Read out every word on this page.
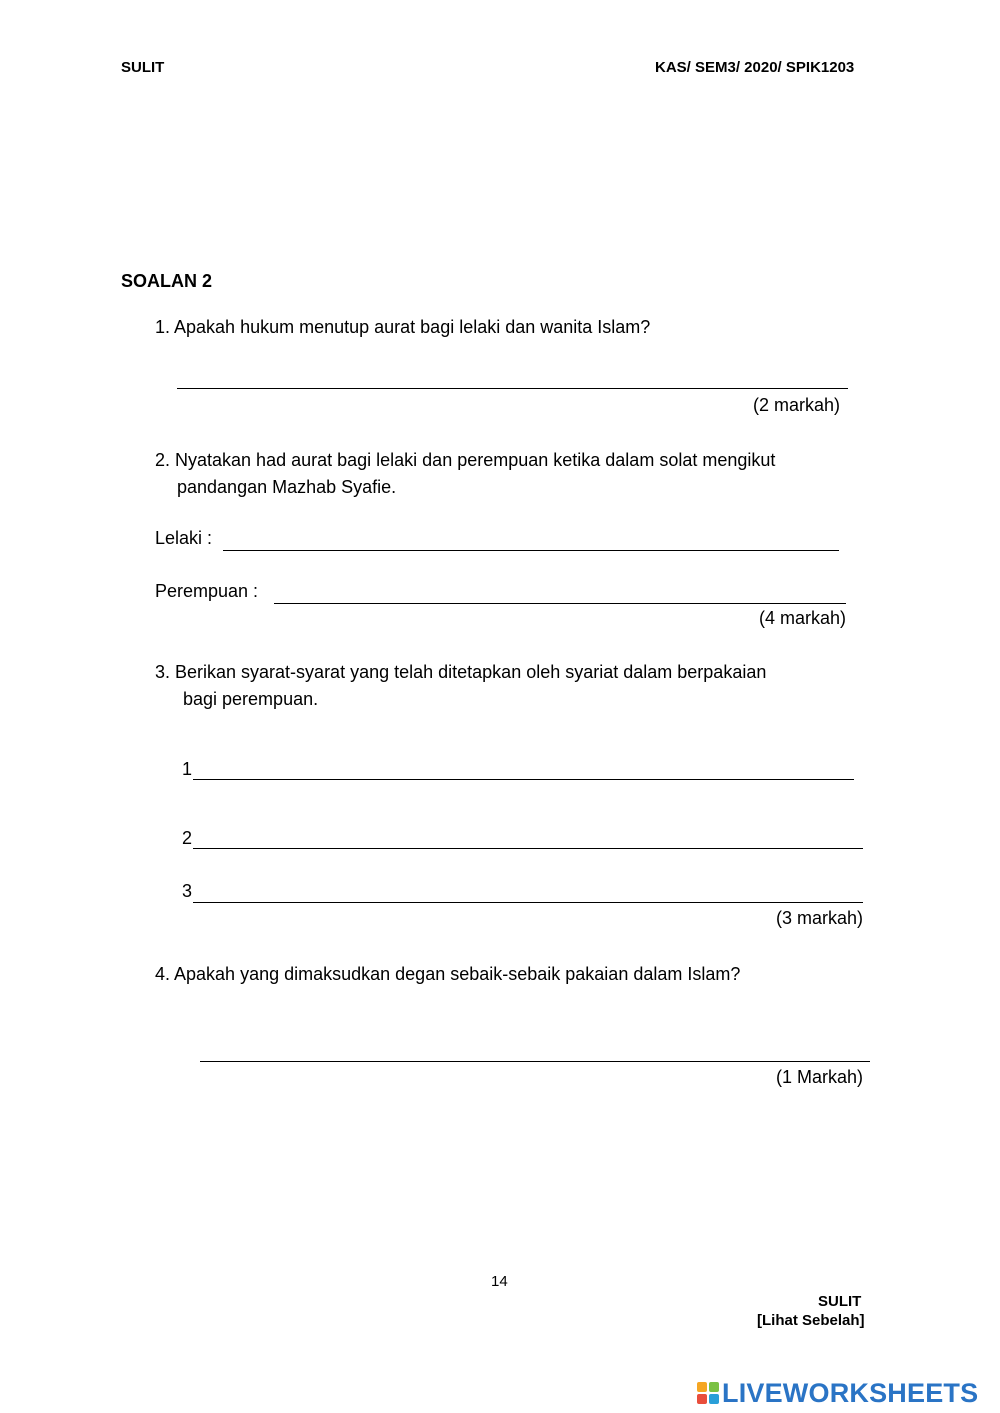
SULIT	KAS/ SEM3/ 2020/ SPIK1203
SOALAN 2
1. Apakah hukum menutup aurat bagi lelaki dan wanita Islam?
(2 markah)
2. Nyatakan had aurat bagi lelaki dan perempuan ketika dalam solat mengikut
pandangan Mazhab Syafie.
Lelaki :
Perempuan :
(4 markah)
3. Berikan syarat-syarat yang telah ditetapkan oleh syariat dalam berpakaian
bagi perempuan.
1
2
3
(3 markah)
4. Apakah yang dimaksudkan degan sebaik-sebaik pakaian dalam Islam?
(1 Markah)
14
SULIT
[Lihat Sebelah]
LIVEWORKSHEETS
